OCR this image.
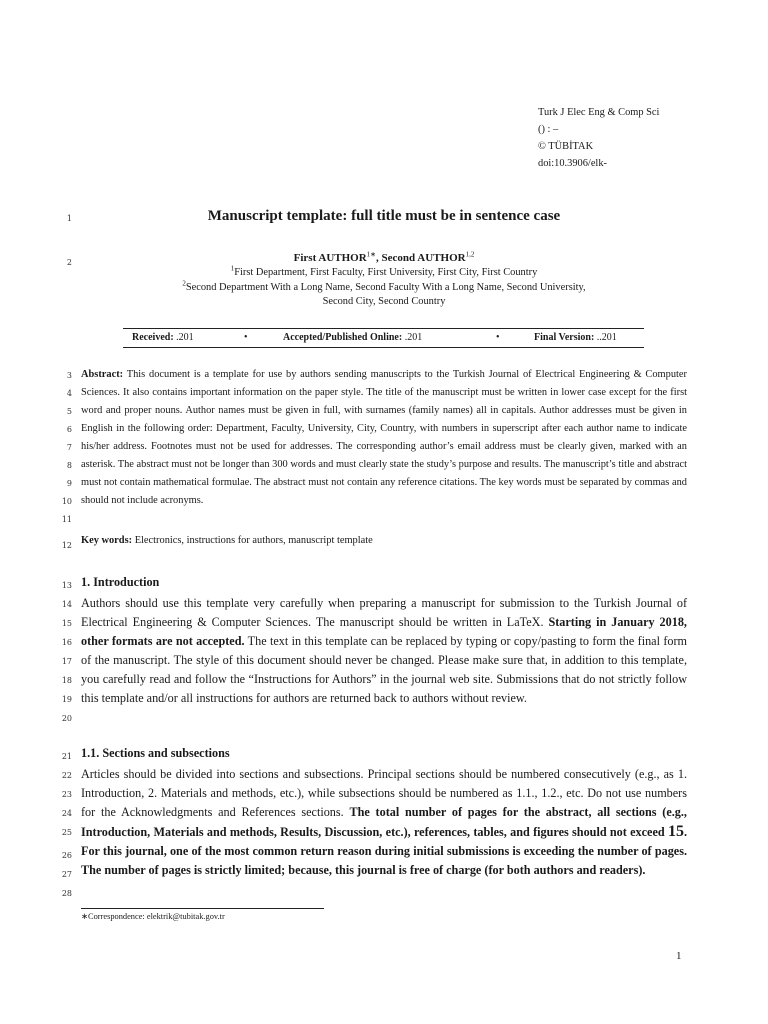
Turk J Elec Eng & Comp Sci
() : –
© TÜBİTAK
doi:10.3906/elk-
1
2
3
4
5
6
7
8
9
10
11
12
13
14
15
16
17
18
19
20
21
22
23
24
25
26
27
28
Manuscript template: full title must be in sentence case
First $AUTHOR^{1∗}$, Second AUTHOR$^{1,2}$
$^1$First Department, First Faculty, First University, First City, First Country
$^2$Second Department With a Long Name, Second Faculty With a Long Name, Second University,
Second City, Second Country
Received: .201	•	Accepted/Published Online: .201	•	Final Version: ..201
Abstract: This document is a template for use by authors sending manuscripts to the Turkish Journal of Electrical Engineering & Computer Sciences. It also contains important information on the paper style. The title of the manuscript must be written in lower case except for the first word and proper nouns. Author names must be given in full, with surnames (family names) all in capitals. Author addresses must be given in English in the following order: Department, Faculty, University, City, Country, with numbers in superscript after each author name to indicate his/her address. Footnotes must not be used for addresses. The corresponding author’s email address must be clearly given, marked with an asterisk. The abstract must not be longer than 300 words and must clearly state the study’s purpose and results. The manuscript’s title and abstract must not contain mathematical formulae. The abstract must not contain any reference citations. The key words must be separated by commas and should not include acronyms.
Key words: Electronics, instructions for authors, manuscript template
1. Introduction
Authors should use this template very carefully when preparing a manuscript for submission to the Turkish Journal of Electrical Engineering & Computer Sciences. The manuscript should be written in LaTeX. Starting in January 2018, other formats are not accepted. The text in this template can be replaced by typing or copy/pasting to form the final form of the manuscript. The style of this document should never be changed. Please make sure that, in addition to this template, you carefully read and follow the “Instructions for Authors” in the journal web site. Submissions that do not strictly follow this template and/or all instructions for authors are returned back to authors without review.
1.1. Sections and subsections
Articles should be divided into sections and subsections. Principal sections should be numbered consecutively (e.g., as 1. Introduction, 2. Materials and methods, etc.), while subsections should be numbered as 1.1., 1.2., etc. Do not use numbers for the Acknowledgments and References sections. The total number of pages for the abstract, all sections (e.g., Introduction, Materials and methods, Results, Discussion, etc.), references, tables, and figures should not exceed 15. For this journal, one of the most common return reason during initial submissions is exceeding the number of pages. The number of pages is strictly limited; because, this journal is free of charge (for both authors and readers).
∗Correspondence: elektrik@tubitak.gov.tr
1
